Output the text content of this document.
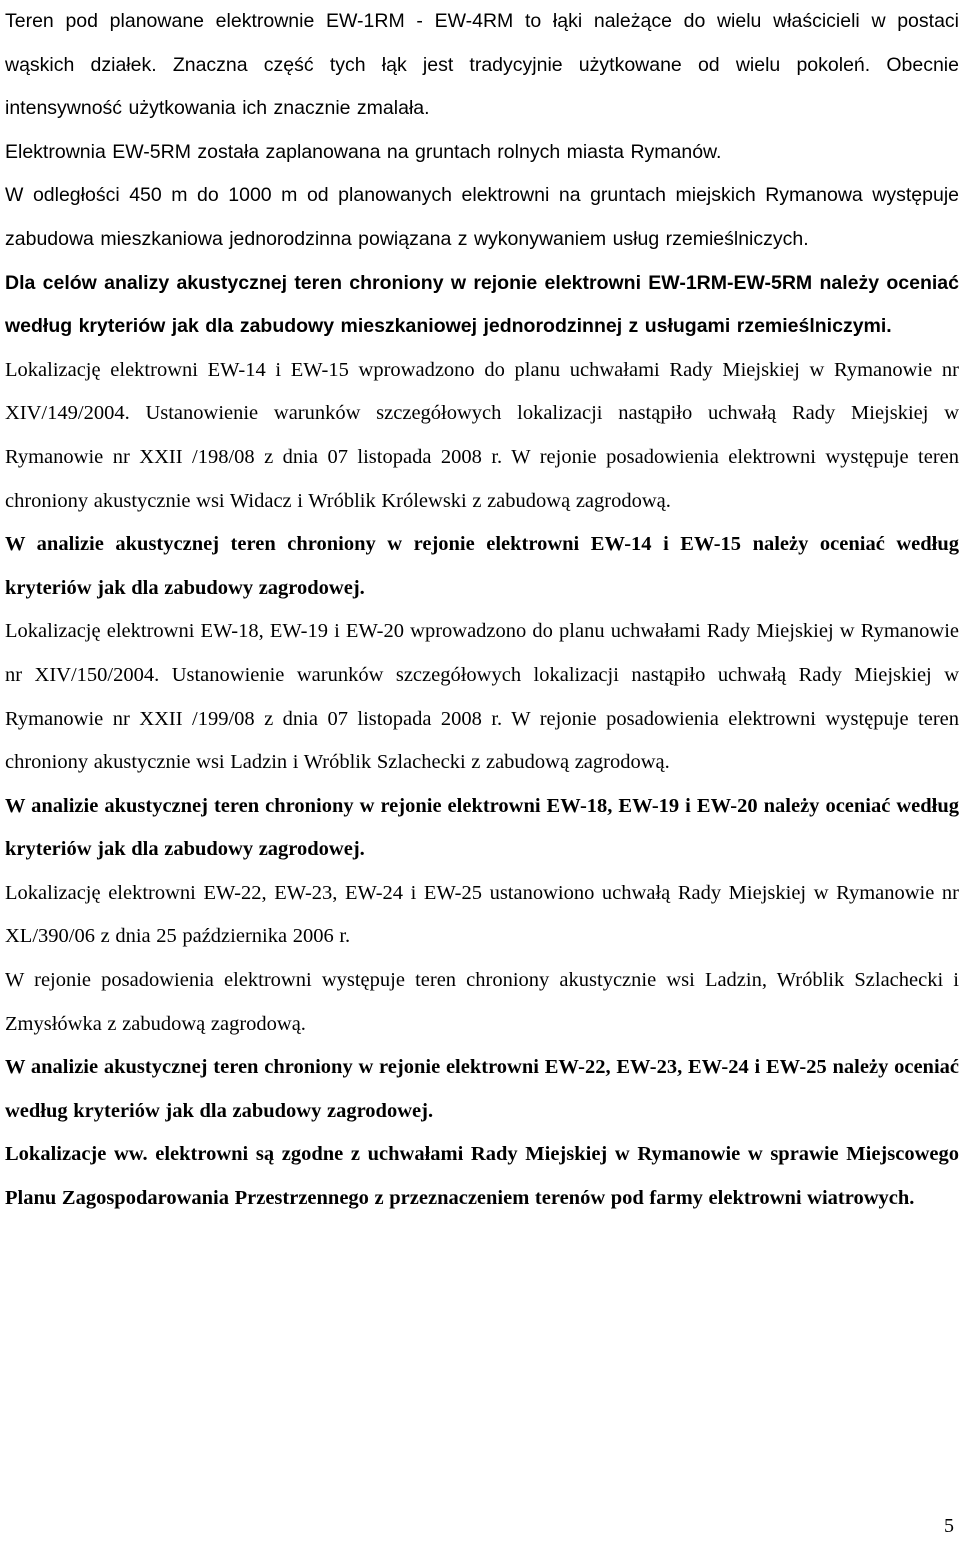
Teren pod planowane elektrownie EW-1RM - EW-4RM to łąki należące do wielu właścicieli w postaci wąskich działek. Znaczna część tych łąk jest tradycyjnie użytkowane od wielu pokoleń. Obecnie intensywność użytkowania ich znacznie zmalała.

Elektrownia EW-5RM została zaplanowana na gruntach rolnych miasta Rymanów.

W odległości 450 m do 1000 m od planowanych elektrowni na gruntach miejskich Rymanowa występuje zabudowa mieszkaniowa jednorodzinna powiązana z wykonywaniem usług rzemieślniczych.

Dla celów analizy akustycznej teren chroniony w rejonie elektrowni EW-1RM-EW-5RM należy oceniać według kryteriów jak dla zabudowy mieszkaniowej jednorodzinnej z usługami rzemieślniczymi.

Lokalizację elektrowni EW-14 i EW-15 wprowadzono do planu uchwałami Rady Miejskiej w Rymanowie nr XIV/149/2004. Ustanowienie warunków szczegółowych lokalizacji nastąpiło uchwałą Rady Miejskiej w Rymanowie nr XXII /198/08 z dnia 07 listopada 2008 r. W rejonie posadowienia elektrowni występuje teren chroniony akustycznie wsi Widacz i Wróblik Królewski z zabudową zagrodową.

W analizie akustycznej teren chroniony w rejonie elektrowni EW-14 i EW-15 należy oceniać według kryteriów jak dla zabudowy zagrodowej.

Lokalizację elektrowni EW-18, EW-19 i EW-20 wprowadzono do planu uchwałami Rady Miejskiej w Rymanowie nr XIV/150/2004. Ustanowienie warunków szczegółowych lokalizacji nastąpiło uchwałą Rady Miejskiej w Rymanowie nr XXII /199/08 z dnia 07 listopada 2008 r. W rejonie posadowienia elektrowni występuje teren chroniony akustycznie wsi Ladzin i Wróblik Szlachecki z zabudową zagrodową.

W analizie akustycznej teren chroniony w rejonie elektrowni EW-18, EW-19 i EW-20 należy oceniać według kryteriów jak dla zabudowy zagrodowej.

Lokalizację elektrowni EW-22, EW-23, EW-24 i EW-25 ustanowiono uchwałą Rady Miejskiej w Rymanowie nr XL/390/06 z dnia 25 października 2006 r.

W rejonie posadowienia elektrowni występuje teren chroniony akustycznie wsi Ladzin, Wróblik Szlachecki i Zmysłówka z zabudową zagrodową.

W analizie akustycznej teren chroniony w rejonie elektrowni EW-22, EW-23, EW-24 i EW-25 należy oceniać według kryteriów jak dla zabudowy zagrodowej.

Lokalizacje ww. elektrowni są zgodne z uchwałami Rady Miejskiej w Rymanowie w sprawie Miejscowego Planu Zagospodarowania Przestrzennego z przeznaczeniem terenów pod farmy elektrowni wiatrowych.

5
